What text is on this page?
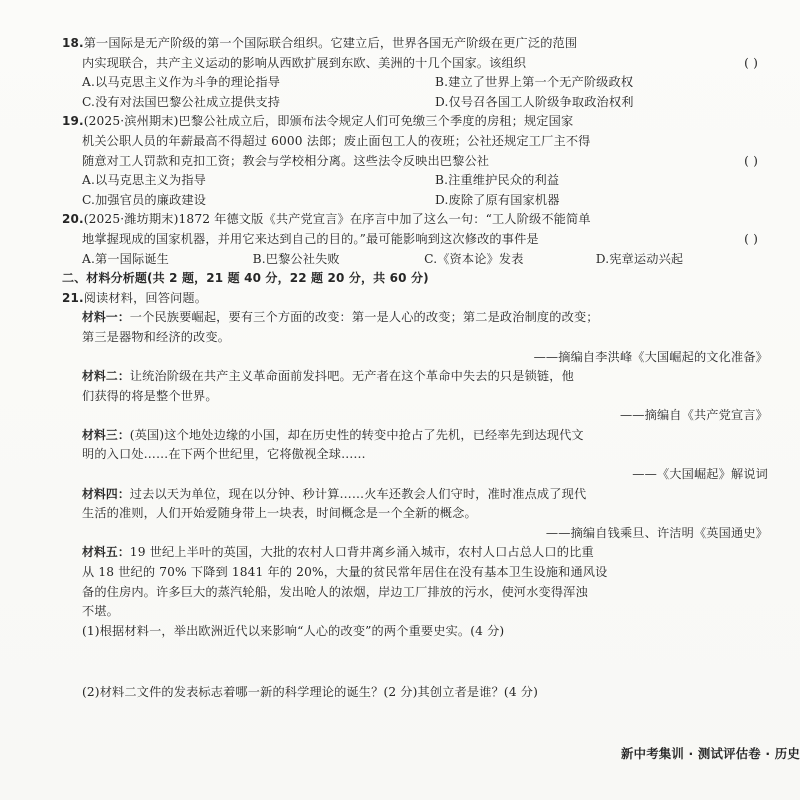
18.第一国际是无产阶级的第一个国际联合组织。它建立后，世界各国无产阶级在更广泛的范围
内实现联合，共产主义运动的影响从西欧扩展到东欧、美洲的十几个国家。该组织	( )
A.以马克思主义作为斗争的理论指导	B.建立了世界上第一个无产阶级政权
C.没有对法国巴黎公社成立提供支持	D.仅号召各国工人阶级争取政治权利
19.(2025·滨州期末)巴黎公社成立后，即颁布法令规定人们可免缴三个季度的房租；规定国家
机关公职人员的年薪最高不得超过 6000 法郎；废止面包工人的夜班；公社还规定工厂主不得
随意对工人罚款和克扣工资；教会与学校相分离。这些法令反映出巴黎公社	( )
A.以马克思主义为指导	B.注重维护民众的利益
C.加强官员的廉政建设	D.废除了原有国家机器
20.(2025·潍坊期末)1872 年德文版《共产党宣言》在序言中加了这么一句：“工人阶级不能简单
地掌握现成的国家机器，并用它来达到自己的目的。”最可能影响到这次修改的事件是	( )
A.第一国际诞生	B.巴黎公社失败	C.《资本论》发表	D.宪章运动兴起
二、材料分析题(共 2 题，21 题 40 分，22 题 20 分，共 60 分)
21.阅读材料，回答问题。
材料一：一个民族要崛起，要有三个方面的改变：第一是人心的改变；第二是政治制度的改变；
第三是器物和经济的改变。
——摘编自李洪峰《大国崛起的文化准备》
材料二：让统治阶级在共产主义革命面前发抖吧。无产者在这个革命中失去的只是锁链，他
们获得的将是整个世界。
——摘编自《共产党宣言》
材料三：(英国)这个地处边缘的小国，却在历史性的转变中抢占了先机，已经率先到达现代文
明的入口处……在下两个世纪里，它将傲视全球……
——《大国崛起》解说词
材料四：过去以天为单位，现在以分钟、秒计算……火车还教会人们守时，准时准点成了现代
生活的准则，人们开始爱随身带上一块表，时间概念是一个全新的概念。
——摘编自钱乘旦、许洁明《英国通史》
材料五：19 世纪上半叶的英国，大批的农村人口背井离乡涌入城市，农村人口占总人口的比重
从 18 世纪的 70% 下降到 1841 年的 20%，大量的贫民常年居住在没有基本卫生设施和通风设
备的住房内。许多巨大的蒸汽轮船，发出呛人的浓烟，岸边工厂排放的污水，使河水变得浑浊
不堪。
(1)根据材料一，举出欧洲近代以来影响“人心的改变”的两个重要史实。(4 分)
(2)材料二文件的发表标志着哪一新的科学理论的诞生？(2 分)其创立者是谁？(4 分)
新中考集训 · 测试评估卷 · 历史
